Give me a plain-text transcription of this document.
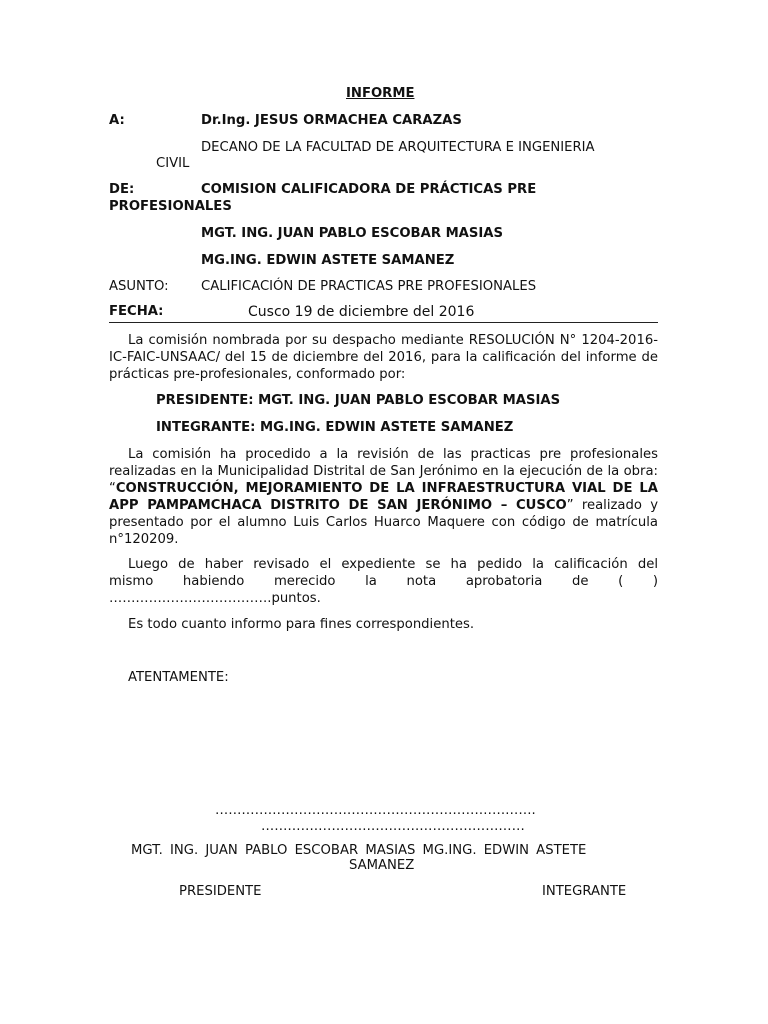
INFORME
A:	Dr.Ing. JESUS ORMACHEA CARAZAS
DECANO DE LA FACULTAD DE ARQUITECTURA E INGENIERIA
CIVIL
DE:	COMISION CALIFICADORA DE PRÁCTICAS PRE
PROFESIONALES
MGT. ING. JUAN PABLO ESCOBAR MASIAS
MG.ING. EDWIN ASTETE SAMANEZ
ASUNTO: CALIFICACIÓN DE PRACTICAS PRE PROFESIONALES
FECHA:	Cusco 19 de diciembre del 2016
La comisión nombrada por su despacho mediante RESOLUCIÓN N° 1204-2016-IC-FAIC-UNSAAC/ del 15 de diciembre del 2016, para la calificación del informe de prácticas pre-profesionales, conformado por:
PRESIDENTE: MGT. ING. JUAN PABLO ESCOBAR MASIAS
INTEGRANTE: MG.ING. EDWIN ASTETE SAMANEZ
La comisión ha procedido a la revisión de las practicas pre profesionales realizadas en la Municipalidad Distrital de San Jerónimo en la ejecución de la obra: “CONSTRUCCIÓN, MEJORAMIENTO DE LA INFRAESTRUCTURA VIAL DE LA APP PAMPAMCHACA DISTRITO DE SAN JERÓNIMO – CUSCO” realizado y presentado por el alumno Luis Carlos Huarco Maquere con código de matrícula n°120209.
Luego de haber revisado el expediente se ha pedido la calificación del mismo habiendo merecido la nota aprobatoria de ( ) ……………………………….puntos.
Es todo cuanto informo para fines correspondientes.
ATENTAMENTE:
……………………………………………………………….
……………………………………………………
MGT. ING. JUAN PABLO ESCOBAR MASIAS MG.ING. EDWIN ASTETE
SAMANEZ
PRESIDENTE	INTEGRANTE
